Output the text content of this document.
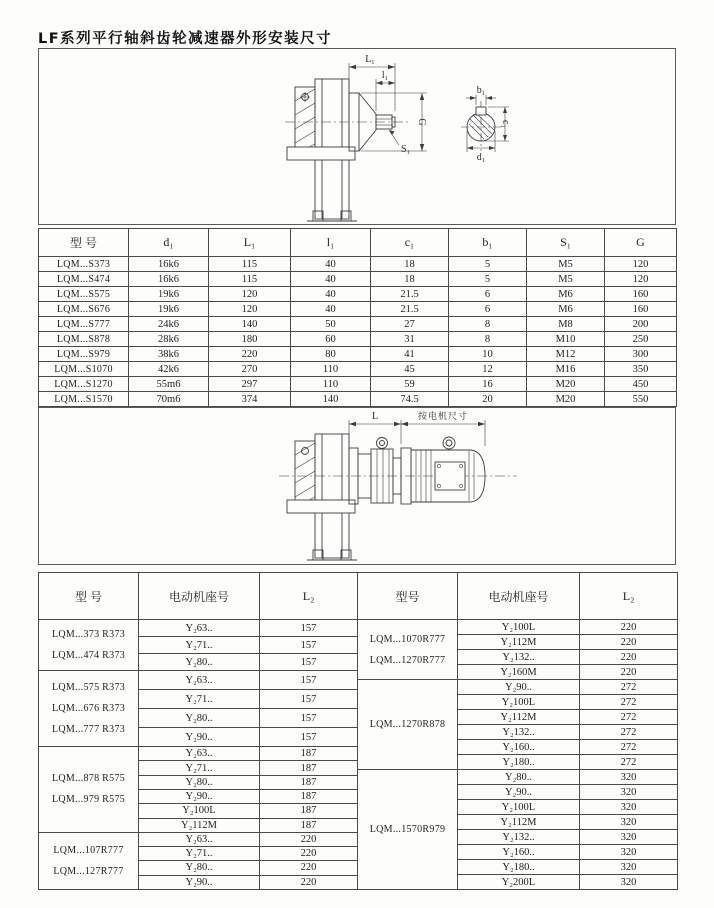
LF系列平行轴斜齿轮减速器外形安装尺寸
L₁
l₁
G
S₁
b₁
c₁
d₁
型 号	d₁	L₁	l₁	c₁	b₁	S₁	G
LQM...S373	16k6	115	40	18	5	M5	120
LQM...S474	16k6	115	40	18	5	M5	120
LQM...S575	19k6	120	40	21.5	6	M6	160
LQM...S676	19k6	120	40	21.5	6	M6	160
LQM...S777	24k6	140	50	27	8	M8	200
LQM...S878	28k6	180	60	31	8	M10	250
LQM...S979	38k6	220	80	41	10	M12	300
LQM...S1070	42k6	270	110	45	12	M16	350
LQM...S1270	55m6	297	110	59	16	M20	450
LQM...S1570	70m6	374	140	74.5	20	M20	550
L	按电机尺寸
型 号	电动机座号	L₂

LQM...373 R373
LQM...474 R373	Y₂63..	157
	Y₂71..	157
	Y₂80..	157

LQM...575 R373
LQM...676 R373
LQM...777 R373	Y₂63..	157
	Y₂71..	157
	Y₂80..	157
	Y₂90..	157

LQM...878 R575
LQM...979 R575	Y₂63..	187
	Y₂71..	187
	Y₂80..	187
	Y₂90..	187
	Y₂100L	187
	Y₂112M	187

LQM...107R777
LQM...127R777	Y₂63..	220
	Y₂71..	220
	Y₂80..	220
	Y₂90..	220
型号	电动机座号	L₂

LQM...1070R777
LQM...1270R777	Y₂100L	220
	Y₂112M	220
	Y₂132..	220
	Y₂160M	220

LQM...1270R878	Y₂90..	272
	Y₂100L	272
	Y₂112M	272
	Y₂132..	272
	Y₂160..	272
	Y₂180..	272

LQM...1570R979	Y₂80..	320
	Y₂90..	320
	Y₂100L	320
	Y₂112M	320
	Y₂132..	320
	Y₂160..	320
	Y₂180..	320
	Y₂200L	320
